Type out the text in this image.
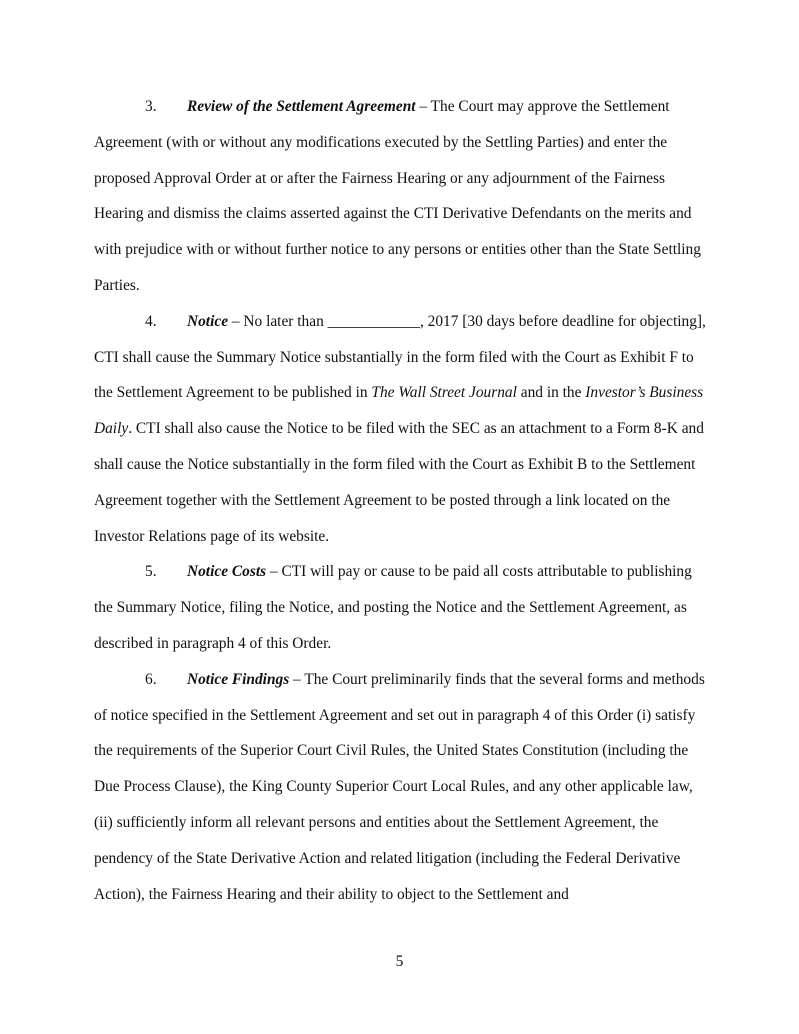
3. Review of the Settlement Agreement – The Court may approve the Settlement Agreement (with or without any modifications executed by the Settling Parties) and enter the proposed Approval Order at or after the Fairness Hearing or any adjournment of the Fairness Hearing and dismiss the claims asserted against the CTI Derivative Defendants on the merits and with prejudice with or without further notice to any persons or entities other than the State Settling Parties.

4. Notice – No later than ____________, 2017 [30 days before deadline for objecting], CTI shall cause the Summary Notice substantially in the form filed with the Court as Exhibit F to the Settlement Agreement to be published in The Wall Street Journal and in the Investor’s Business Daily. CTI shall also cause the Notice to be filed with the SEC as an attachment to a Form 8-K and shall cause the Notice substantially in the form filed with the Court as Exhibit B to the Settlement Agreement together with the Settlement Agreement to be posted through a link located on the Investor Relations page of its website.

5. Notice Costs – CTI will pay or cause to be paid all costs attributable to publishing the Summary Notice, filing the Notice, and posting the Notice and the Settlement Agreement, as described in paragraph 4 of this Order.

6. Notice Findings – The Court preliminarily finds that the several forms and methods of notice specified in the Settlement Agreement and set out in paragraph 4 of this Order (i) satisfy the requirements of the Superior Court Civil Rules, the United States Constitution (including the Due Process Clause), the King County Superior Court Local Rules, and any other applicable law, (ii) sufficiently inform all relevant persons and entities about the Settlement Agreement, the pendency of the State Derivative Action and related litigation (including the Federal Derivative Action), the Fairness Hearing and their ability to object to the Settlement and

5
